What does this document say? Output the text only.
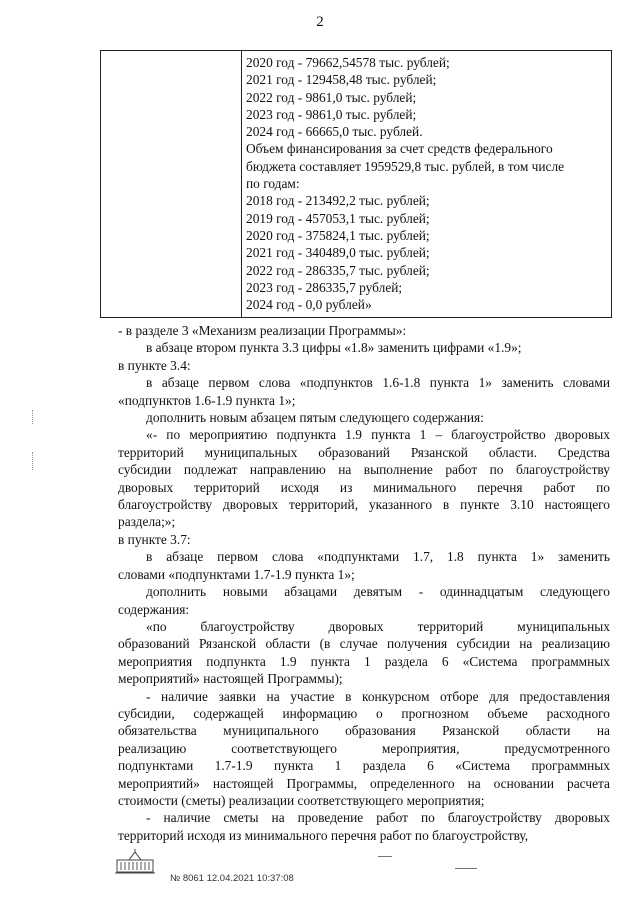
2
2020 год - 79662,54578 тыс. рублей;
2021 год - 129458,48 тыс. рублей;
2022 год - 9861,0 тыс. рублей;
2023 год - 9861,0 тыс. рублей;
2024 год - 66665,0 тыс. рублей.
Объем финансирования за счет средств федерального
бюджета составляет 1959529,8 тыс. рублей, в том числе
по годам:
2018 год - 213492,2 тыс. рублей;
2019 год - 457053,1 тыс. рублей;
2020 год - 375824,1 тыс. рублей;
2021 год - 340489,0 тыс. рублей;
2022 год - 286335,7 тыс. рублей;
2023 год - 286335,7 рублей;
2024 год - 0,0 рублей»

- в разделе 3 «Механизм реализации Программы»:

в абзаце втором пункта 3.3 цифры «1.8» заменить цифрами «1.9»;

в пункте 3.4:

в абзаце первом слова «подпунктов 1.6-1.8 пункта 1» заменить словами
«подпунктов 1.6-1.9 пункта 1»;

дополнить новым абзацем пятым следующего содержания:

«- по мероприятию подпункта 1.9 пункта 1 – благоустройство дворовых
территорий муниципальных образований Рязанской области. Средства
субсидии подлежат направлению на выполнение работ по благоустройству
дворовых территорий исходя из минимального перечня работ по
благоустройству дворовых территорий, указанного в пункте 3.10 настоящего
раздела;»;

в пункте 3.7:

в абзаце первом слова «подпунктами 1.7, 1.8 пункта 1» заменить
словами «подпунктами 1.7-1.9 пункта 1»;

дополнить новыми абзацами девятым - одиннадцатым следующего
содержания:

«по благоустройству дворовых территорий муниципальных
образований Рязанской области (в случае получения субсидии на реализацию
мероприятия подпункта 1.9 пункта 1 раздела 6 «Система программных
мероприятий» настоящей Программы);

- наличие заявки на участие в конкурсном отборе для предоставления
субсидии, содержащей информацию о прогнозном объеме расходного
обязательства муниципального образования Рязанской области на
реализацию соответствующего мероприятия, предусмотренного
подпунктами 1.7-1.9 пункта 1 раздела 6 «Система программных
мероприятий» настоящей Программы, определенного на основании расчета
стоимости (сметы) реализации соответствующего мероприятия;

- наличие сметы на проведение работ по благоустройству дворовых
территорий исходя из минимального перечня работ по благоустройству,

№ 8061 12.04.2021 10:37:08
